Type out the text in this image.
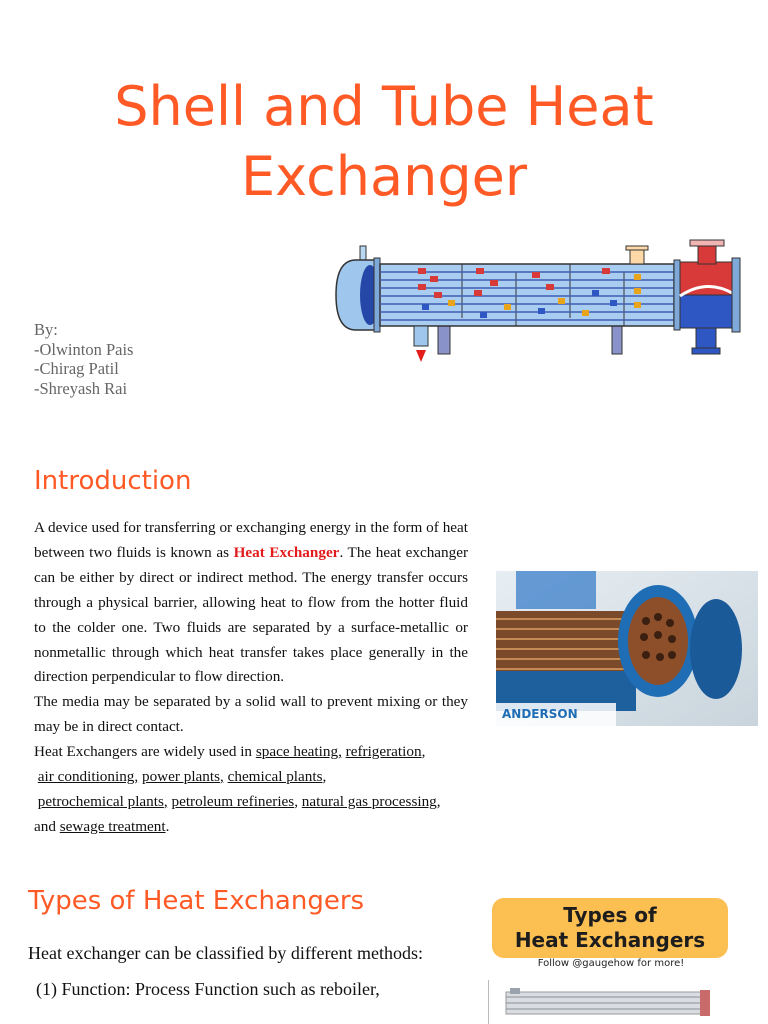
Shell and Tube Heat Exchanger
By:
-Olwinton Pais
-Chirag Patil
-Shreyash Rai
Introduction

A device used for transferring or exchanging energy in the form of heat between two fluids is known as Heat Exchanger. The heat exchanger can be either by direct or indirect method. The energy transfer occurs through a physical barrier, allowing heat to flow from the hotter fluid to the colder one. Two fluids are separated by a surface-metallic or nonmetallic through which heat transfer takes place generally in the direction perpendicular to flow direction.

The media may be separated by a solid wall to prevent mixing or they may be in direct contact.

Heat Exchangers are widely used in space heating, refrigeration,
air conditioning, power plants, chemical plants,
petrochemical plants, petroleum refineries, natural gas processing,
and sewage treatment.

ANDERSON
Types of Heat Exchangers

Heat exchanger can be classified by different methods:

(1) Function: Process Function such as reboiler,

Types of
Heat Exchangers
Follow @gaugehow for more!
